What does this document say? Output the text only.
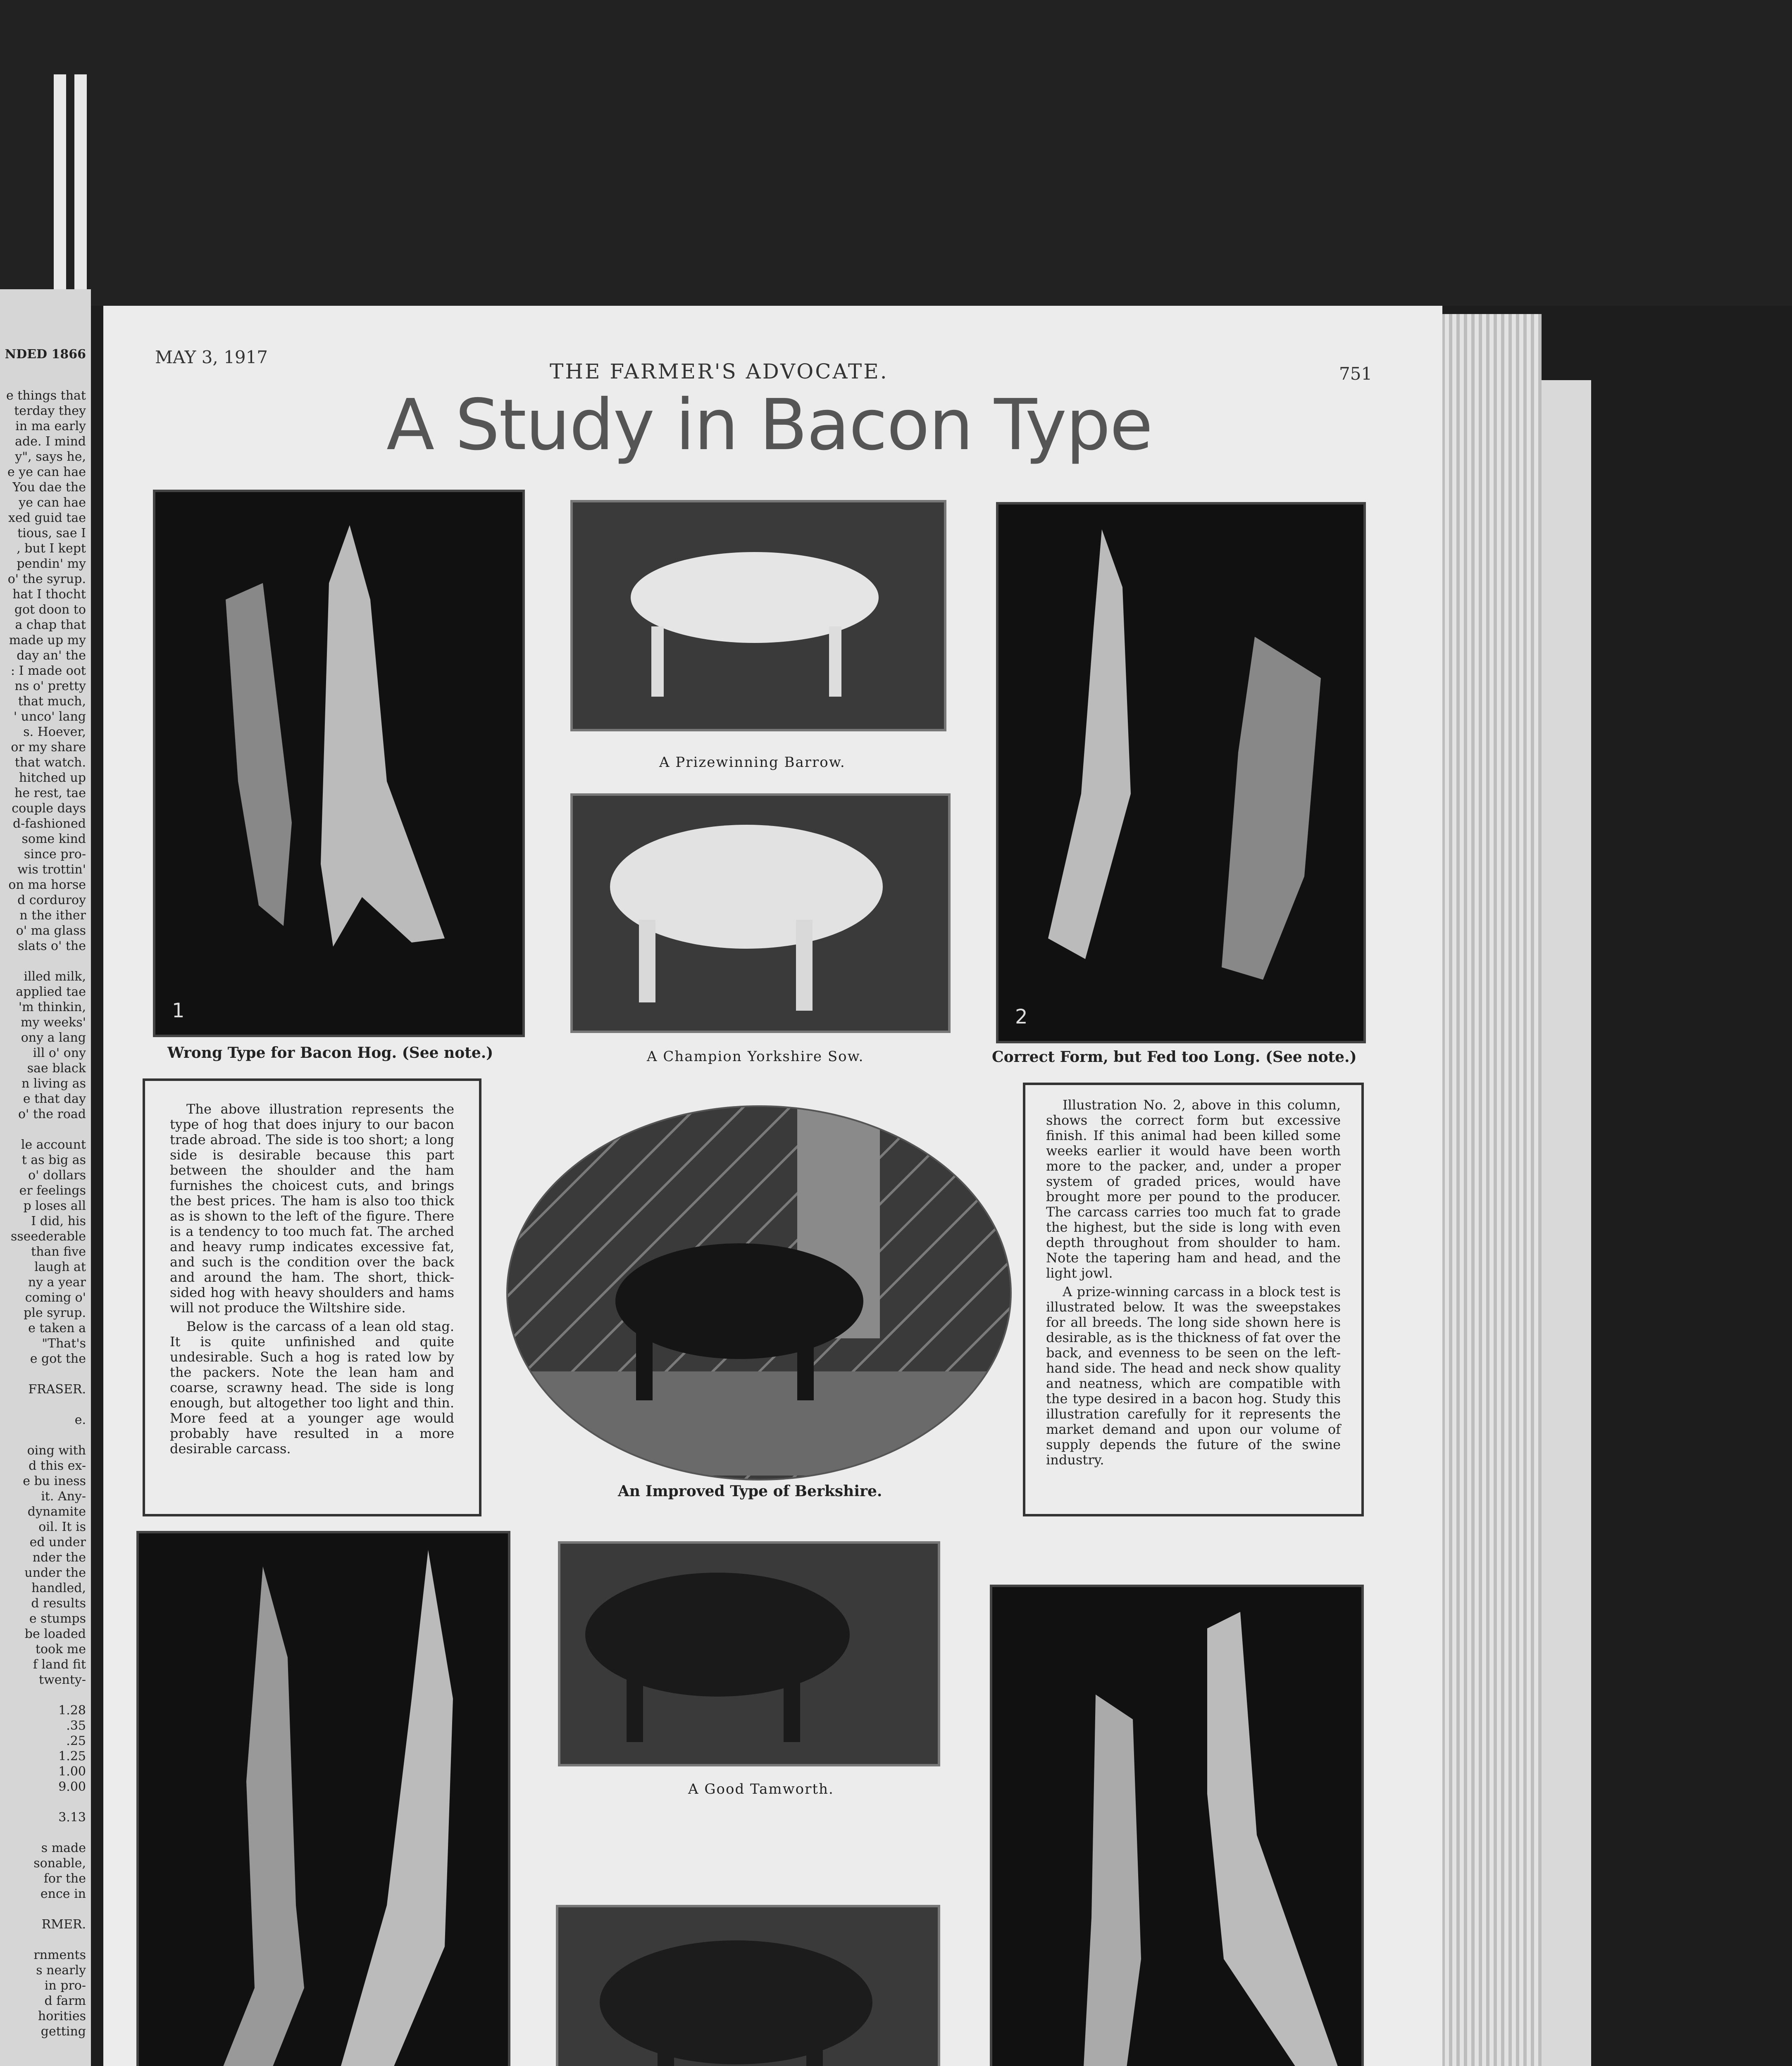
NDED 1866
e things that
terday they
in ma early
ade. I mind
y", says he,
e ye can hae
You dae the
ye can hae
xed guid tae
tious, sae I
, but I kept
pendin' my
o' the syrup.
hat I thocht
got doon to
a chap that
made up my
day an' the
: I made oot
ns o' pretty
that much,
' unco' lang
s. Hoever,
or my share
that watch.
hitched up
he rest, tae
couple days
d-fashioned
some kind
since pro-
wis trottin'
on ma horse
d corduroy
n the ither
o' ma glass
slats o' the
illed milk,
applied tae
'm thinkin,
my weeks'
ony a lang
ill o' ony
sae black
n living as
e that day
o' the road
le account
t as big as
o' dollars
er feelings
p loses all
I did, his
sseederable
than five
laugh at
ny a year
coming o'
ple syrup.
e taken a
"That's
e got the
FRASER.
e.
oing with
d this ex-
e bu iness
it. Any-
dynamite
oil. It is
ed under
nder the
under the
handled,
d results
e stumps
be loaded
took me
f land fit
twenty-
1.28
.35
.25
1.25
1.00
9.00
3.13
s made
sonable,
for the
ence in
RMER.
rnments
s nearly
in pro-
d farm
horities
getting
MAY 3, 1917
THE FARMER'S ADVOCATE.	751
A Study in Bacon Type
1
Wrong Type for Bacon Hog. (See note.)
A Prizewinning Barrow.
A Champion Yorkshire Sow.
2
Correct Form, but Fed too Long. (See note.)

The above illustration represents the type of hog that does injury to our bacon trade abroad. The side is too short; a long side is desirable because this part between the shoulder and the ham furnishes the choicest cuts, and brings the best prices. The ham is also too thick as is shown to the left of the figure. There is a tendency to too much fat. The arched and heavy rump indicates excessive fat, and such is the condition over the back and around the ham. The short, thick-sided hog with heavy shoulders and hams will not produce the Wiltshire side.

Below is the carcass of a lean old stag. It is quite unfinished and quite undesirable. Such a hog is rated low by the packers. Note the lean ham and coarse, scrawny head. The side is long enough, but altogether too light and thin. More feed at a younger age would probably have resulted in a more desirable carcass.

An Improved Type of Berkshire.

Illustration No. 2, above in this column, shows the correct form but excessive finish. If this animal had been killed some weeks earlier it would have been worth more to the packer, and, under a proper system of graded prices, would have brought more per pound to the producer. The carcass carries too much fat to grade the highest, but the side is long with even depth throughout from shoulder to ham. Note the tapering ham and head, and the light jowl.

A prize-winning carcass in a block test is illustrated below. It was the sweepstakes for all breeds. The long side shown here is desirable, as is the thickness of fat over the back, and evenness to be seen on the left-hand side. The head and neck show quality and neatness, which are compatible with the type desired in a bacon hog. Study this illustration carefully for it represents the market demand and upon our volume of supply depends the future of the swine industry.

A Good Tamworth.
